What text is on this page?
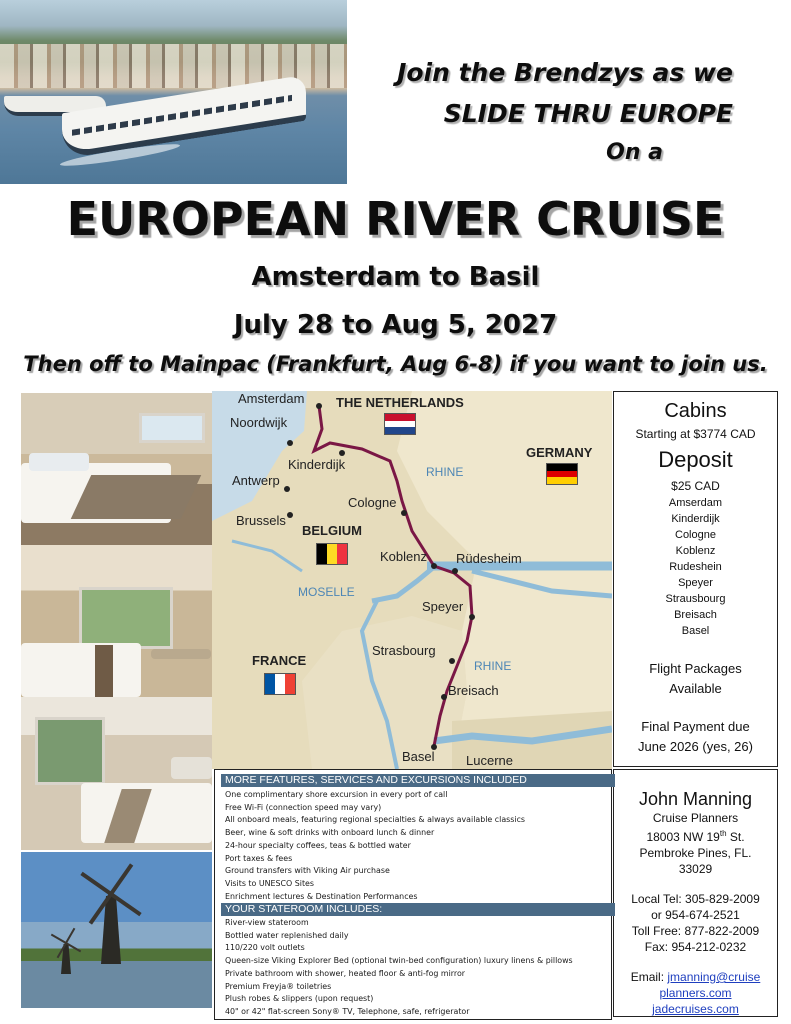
Join the Brendzys as we
SLIDE THRU EUROPE
On a
EUROPEAN RIVER CRUISE
Amsterdam to Basil
July 28 to Aug 5, 2027
Then off to Mainpac (Frankfurt, Aug 6-8) if you want to join us.
Amsterdam
Noordwijk
Kinderdijk
Antwerp
Brussels
Cologne
Koblenz Rüdesheim
Speyer
Strasbourg
Breisach
Basel Lucerne
THE NETHERLANDS
GERMANY
BELGIUM
FRANCE
RHINE
MOSELLE
RHINE
Cabins
Starting at $3774 CAD
Deposit
$25 CAD
Amserdam
Kinderdijk
Cologne
Koblenz
Rudeshein
Speyer
Strausbourg
Breisach
Basel
Flight Packages
Available
Final Payment due
June 2026 (yes, 26)
John Manning
Cruise Planners
18003 NW 19th St.
Pembroke Pines, FL.
33029
Local Tel: 305-829-2009
or 954-674-2521
Toll Free: 877-822-2009
Fax: 954-212-0232
Email: jmanning@cruise
planners.com
jadecruises.com
MORE FEATURES, SERVICES AND EXCURSIONS INCLUDED
One complimentary shore excursion in every port of call
Free Wi-Fi (connection speed may vary)
All onboard meals, featuring regional specialties & always available classics
Beer, wine & soft drinks with onboard lunch & dinner
24-hour specialty coffees, teas & bottled water
Port taxes & fees
Ground transfers with Viking Air purchase
Visits to UNESCO Sites
Enrichment lectures & Destination Performances
YOUR STATEROOM INCLUDES:
River-view stateroom
Bottled water replenished daily
110/220 volt outlets
Queen-size Viking Explorer Bed (optional twin-bed configuration) luxury linens & pillows
Private bathroom with shower, heated floor & anti-fog mirror
Premium Freyja® toiletries
Plush robes & slippers (upon request)
40" or 42" flat-screen Sony® TV, Telephone, safe, refrigerator
